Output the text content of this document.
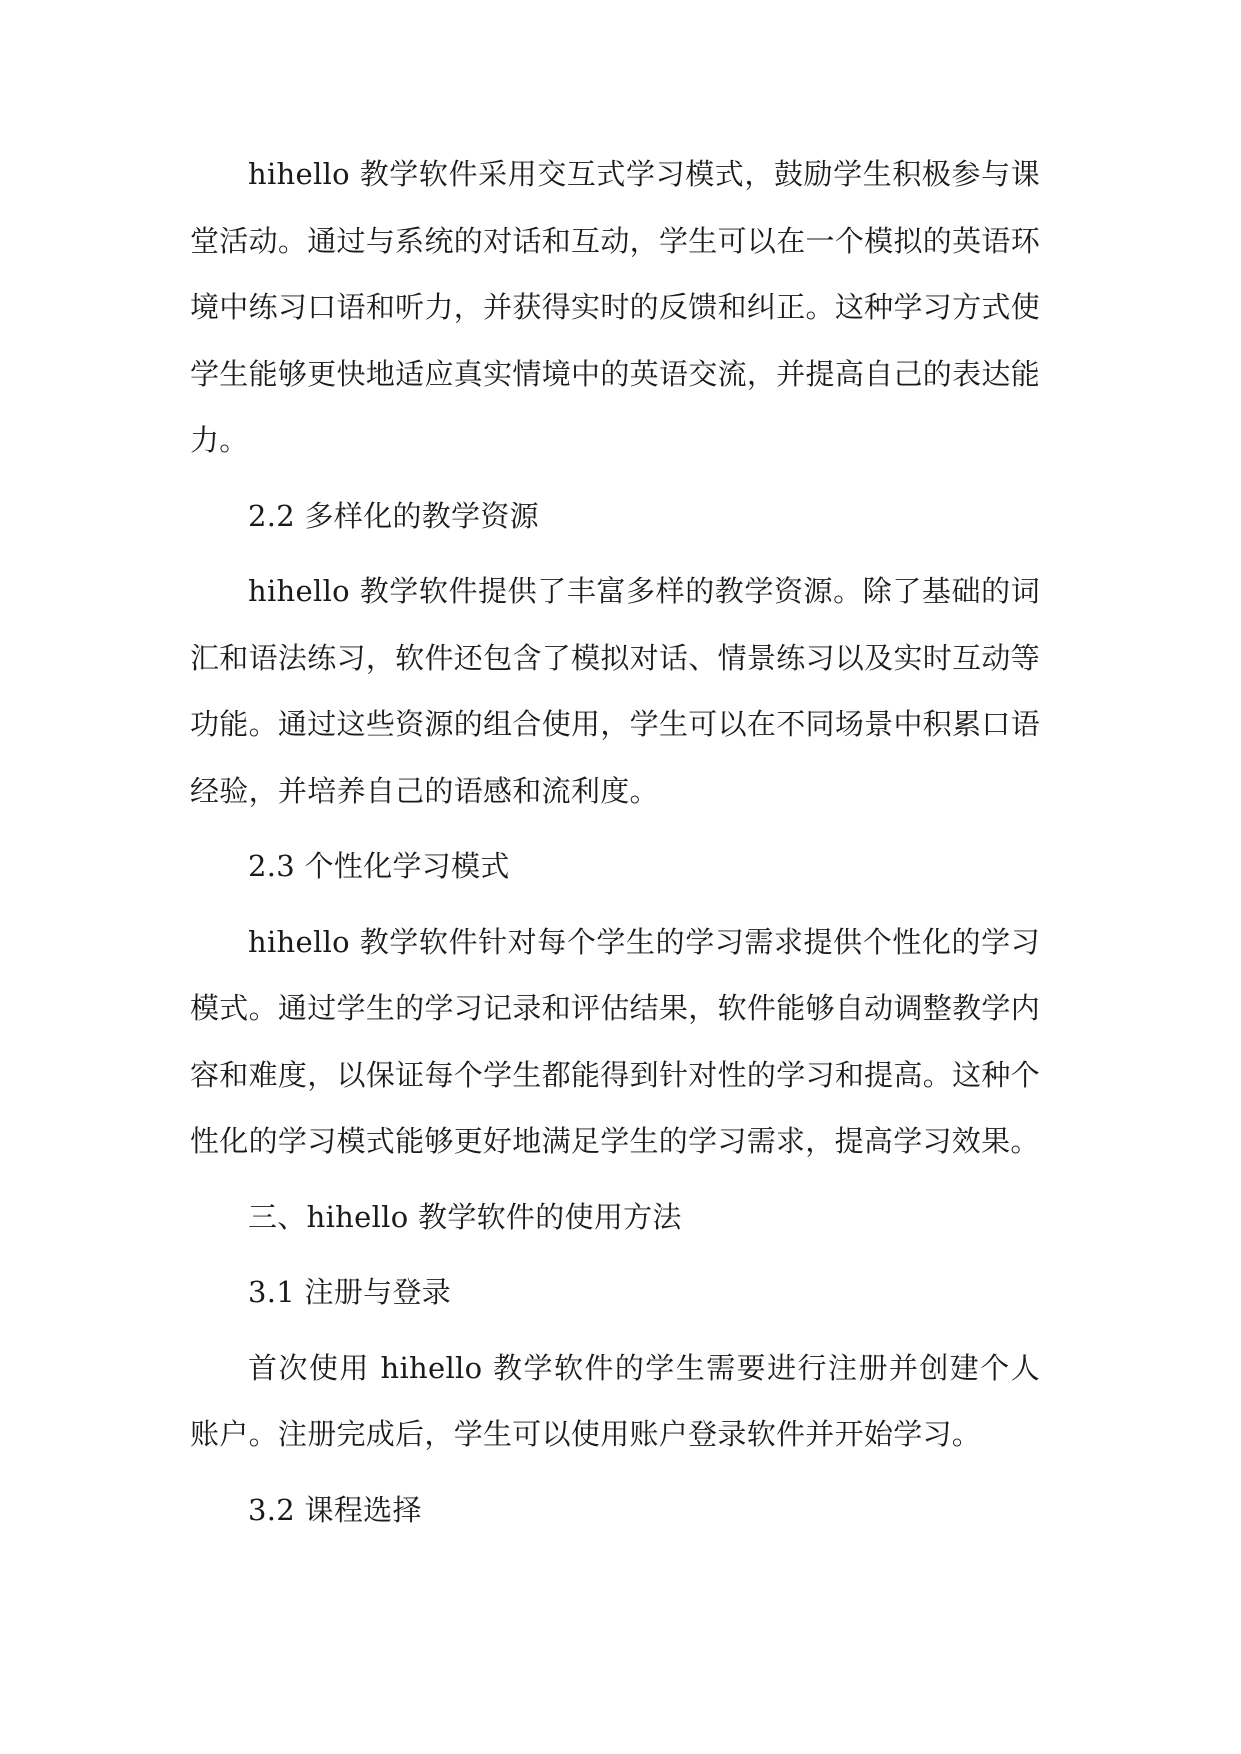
hihello 教学软件采用交互式学习模式，鼓励学生积极参与课堂活动。通过与系统的对话和互动，学生可以在一个模拟的英语环境中练习口语和听力，并获得实时的反馈和纠正。这种学习方式使学生能够更快地适应真实情境中的英语交流，并提高自己的表达能力。

2.2 多样化的教学资源

hihello 教学软件提供了丰富多样的教学资源。除了基础的词汇和语法练习，软件还包含了模拟对话、情景练习以及实时互动等功能。通过这些资源的组合使用，学生可以在不同场景中积累口语经验，并培养自己的语感和流利度。

2.3 个性化学习模式

hihello 教学软件针对每个学生的学习需求提供个性化的学习模式。通过学生的学习记录和评估结果，软件能够自动调整教学内容和难度，以保证每个学生都能得到针对性的学习和提高。这种个性化的学习模式能够更好地满足学生的学习需求，提高学习效果。

三、hihello 教学软件的使用方法

3.1 注册与登录

首次使用 hihello 教学软件的学生需要进行注册并创建个人账户。注册完成后，学生可以使用账户登录软件并开始学习。

3.2 课程选择
